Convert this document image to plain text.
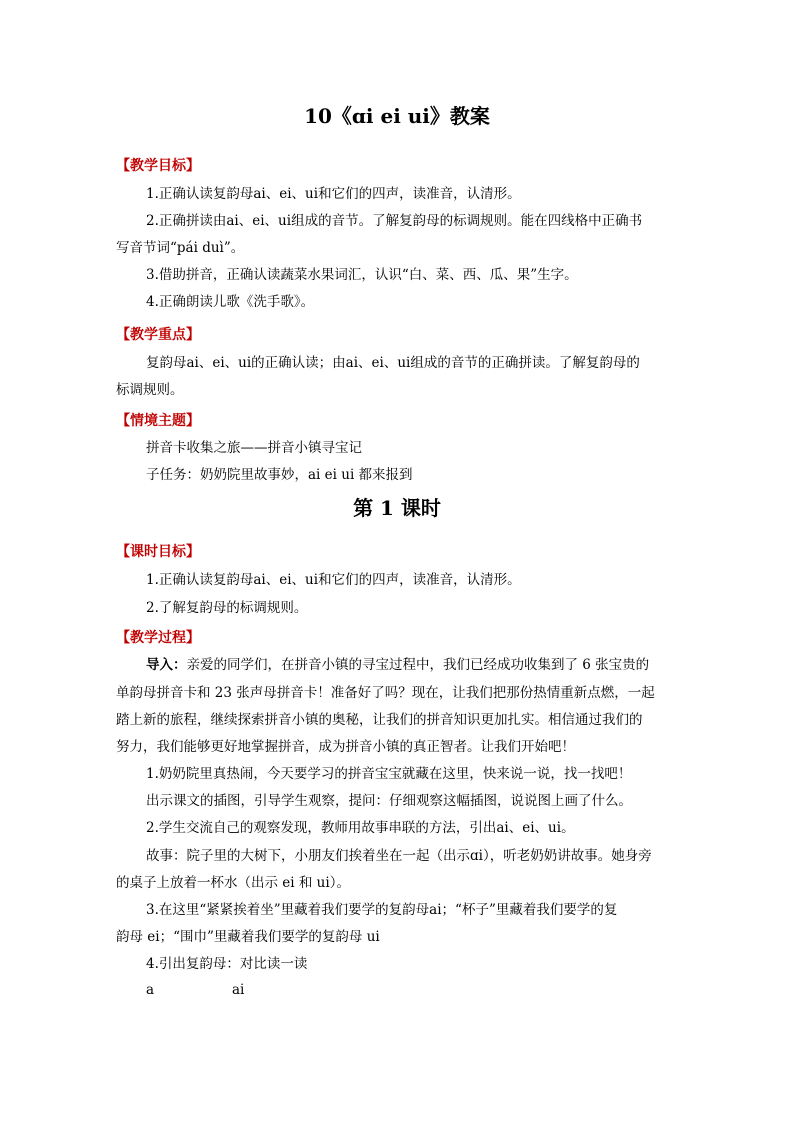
10《ɑi ei ui》教案
【教学目标】
1.正确认读复韵母ai、ei、ui和它们的四声，读准音，认清形。
2.正确拼读由ai、ei、ui组成的音节。了解复韵母的标调规则。能在四线格中正确书
写音节词“pái duì”。
3.借助拼音，正确认读蔬菜水果词汇，认识“白、菜、西、瓜、果”生字。
4.正确朗读儿歌《洗手歌》。
【教学重点】
复韵母ai、ei、ui的正确认读；由ai、ei、ui组成的音节的正确拼读。了解复韵母的
标调规则。
【情境主题】
拼音卡收集之旅——拼音小镇寻宝记
子任务：奶奶院里故事妙，ai ei ui 都来报到
第 1 课时
【课时目标】
1.正确认读复韵母ai、ei、ui和它们的四声，读准音，认清形。
2.了解复韵母的标调规则。
【教学过程】
导入：亲爱的同学们，在拼音小镇的寻宝过程中，我们已经成功收集到了 6 张宝贵的
单韵母拼音卡和 23 张声母拼音卡！准备好了吗？现在，让我们把那份热情重新点燃，一起
踏上新的旅程，继续探索拼音小镇的奥秘，让我们的拼音知识更加扎实。相信通过我们的
努力，我们能够更好地掌握拼音，成为拼音小镇的真正智者。让我们开始吧！
1.奶奶院里真热闹，今天要学习的拼音宝宝就藏在这里，快来说一说，找一找吧！
出示课文的插图，引导学生观察，提问：仔细观察这幅插图，说说图上画了什么。
2.学生交流自己的观察发现，教师用故事串联的方法，引出ai、ei、ui。
故事：院子里的大树下，小朋友们挨着坐在一起（出示ɑi），听老奶奶讲故事。她身旁
的桌子上放着一杯水（出示 ei 和 ui）。
3.在这里“紧紧挨着坐”里藏着我们要学的复韵母ai；“杯子”里藏着我们要学的复
韵母 ei；“围巾”里藏着我们要学的复韵母 ui
4.引出复韵母：对比读一读
a	ai
